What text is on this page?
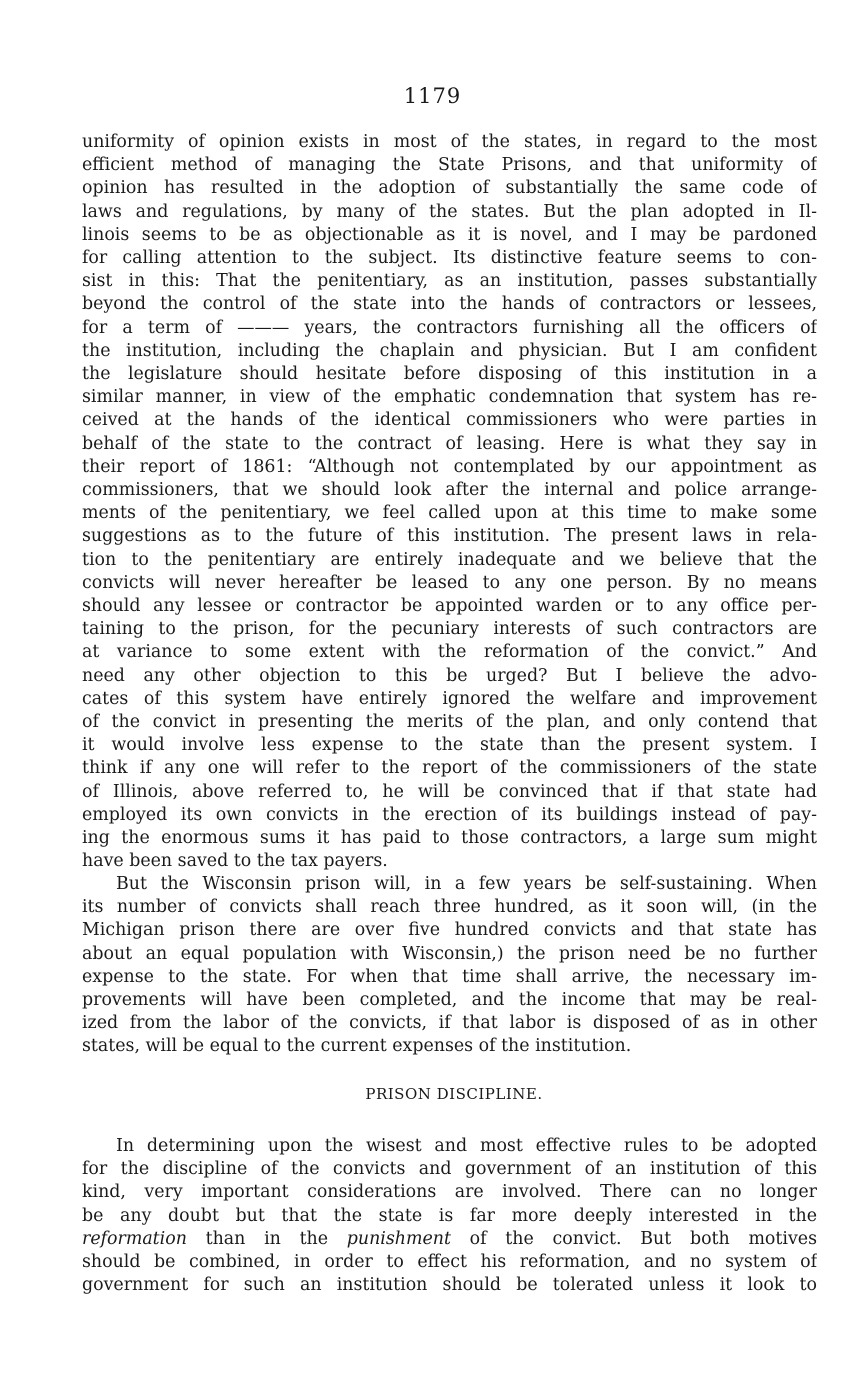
1179
uniformity of opinion exists in most of the states, in regard to the most
efficient method of managing the State Prisons, and that uniformity of
opinion has resulted in the adoption of substantially the same code of
laws and regulations, by many of the states. But the plan adopted in Il-
linois seems to be as objectionable as it is novel, and I may be pardoned
for calling attention to the subject. Its distinctive feature seems to con-
sist in this: That the penitentiary, as an institution, passes substantially
beyond the control of the state into the hands of contractors or lessees,
for a term of ——— years, the contractors furnishing all the officers of
the institution, including the chaplain and physician. But I am confident
the legislature should hesitate before disposing of this institution in a
similar manner, in view of the emphatic condemnation that system has re-
ceived at the hands of the identical commissioners who were parties in
behalf of the state to the contract of leasing. Here is what they say in
their report of 1861: “Although not contemplated by our appointment as
commissioners, that we should look after the internal and police arrange-
ments of the penitentiary, we feel called upon at this time to make some
suggestions as to the future of this institution. The present laws in rela-
tion to the penitentiary are entirely inadequate and we believe that the
convicts will never hereafter be leased to any one person. By no means
should any lessee or contractor be appointed warden or to any office per-
taining to the prison, for the pecuniary interests of such contractors are
at variance to some extent with the reformation of the convict.” And
need any other objection to this be urged? But I believe the advo-
cates of this system have entirely ignored the welfare and improvement
of the convict in presenting the merits of the plan, and only contend that
it would involve less expense to the state than the present system. I
think if any one will refer to the report of the commissioners of the state
of Illinois, above referred to, he will be convinced that if that state had
employed its own convicts in the erection of its buildings instead of pay-
ing the enormous sums it has paid to those contractors, a large sum might
have been saved to the tax payers.
But the Wisconsin prison will, in a few years be self-sustaining. When
its number of convicts shall reach three hundred, as it soon will, (in the
Michigan prison there are over five hundred convicts and that state has
about an equal population with Wisconsin,) the prison need be no further
expense to the state. For when that time shall arrive, the necessary im-
provements will have been completed, and the income that may be real-
ized from the labor of the convicts, if that labor is disposed of as in other
states, will be equal to the current expenses of the institution.
PRISON DISCIPLINE.
In determining upon the wisest and most effective rules to be adopted
for the discipline of the convicts and government of an institution of this
kind, very important considerations are involved. There can no longer
be any doubt but that the state is far more deeply interested in the
reformation than in the punishment of the convict. But both motives
should be combined, in order to effect his reformation, and no system of
government for such an institution should be tolerated unless it look to
